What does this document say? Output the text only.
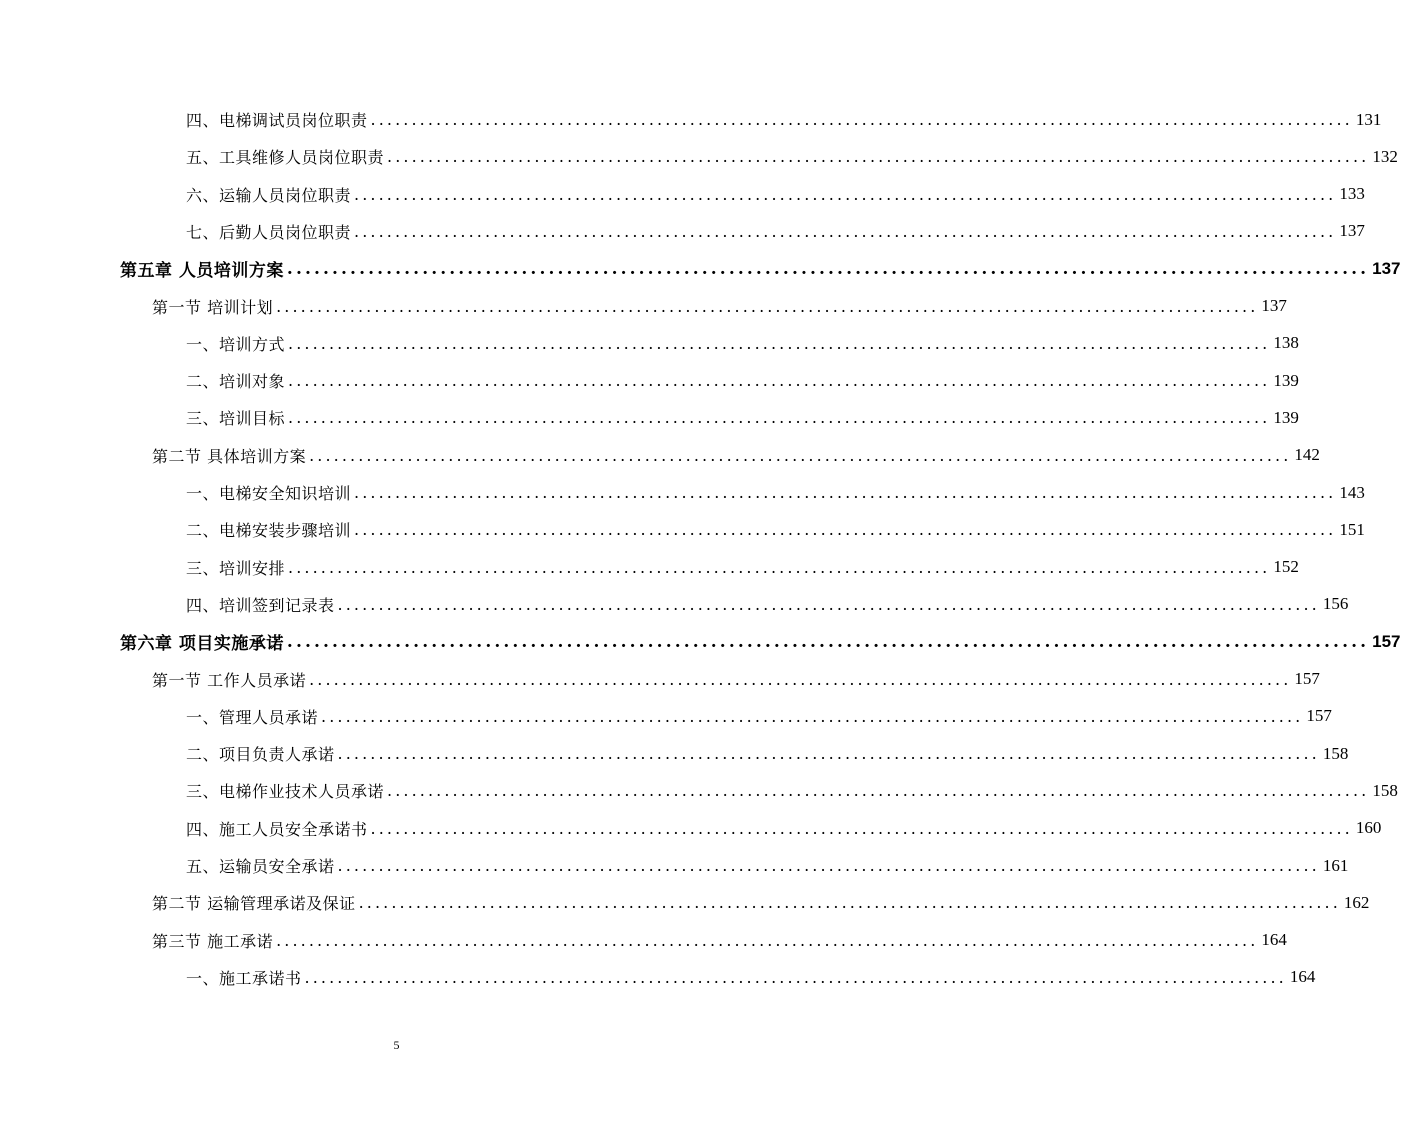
四、电梯调试员岗位职责 ........................................................................................................................ 131
五、工具维修人员岗位职责 ........................................................................................................................ 132
六、运输人员岗位职责 ........................................................................................................................ 133
七、后勤人员岗位职责 ........................................................................................................................ 137
第五章 人员培训方案 ........................................................................................................................ 137
第一节 培训计划 ........................................................................................................................ 137
一、培训方式 ........................................................................................................................ 138
二、培训对象 ........................................................................................................................ 139
三、培训目标 ........................................................................................................................ 139
第二节 具体培训方案 ........................................................................................................................ 142
一、电梯安全知识培训 ........................................................................................................................ 143
二、电梯安装步骤培训 ........................................................................................................................ 151
三、培训安排 ........................................................................................................................ 152
四、培训签到记录表 ........................................................................................................................ 156
第六章 项目实施承诺 ........................................................................................................................ 157
第一节 工作人员承诺 ........................................................................................................................ 157
一、管理人员承诺 ........................................................................................................................ 157
二、项目负责人承诺 ........................................................................................................................ 158
三、电梯作业技术人员承诺 ........................................................................................................................ 158
四、施工人员安全承诺书 ........................................................................................................................ 160
五、运输员安全承诺 ........................................................................................................................ 161
第二节 运输管理承诺及保证 ........................................................................................................................ 162
第三节 施工承诺 ........................................................................................................................ 164
一、施工承诺书 ........................................................................................................................ 164
5
